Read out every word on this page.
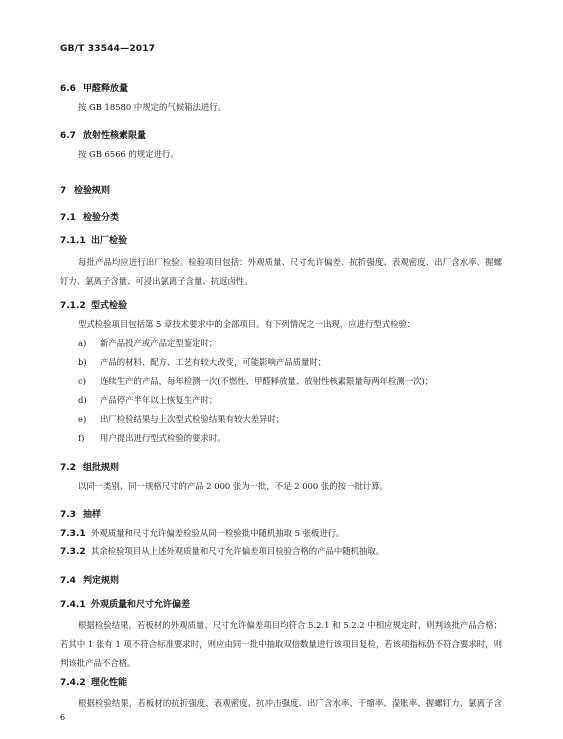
GB/T 33544—2017
6.6 甲醛释放量
按 GB 18580 中规定的气候箱法进行。
6.7 放射性核素限量
按 GB 6566 的规定进行。
7 检验规则
7.1 检验分类
7.1.1 出厂检验
每批产品均应进行出厂检验。检验项目包括：外观质量、尺寸允许偏差、抗折强度、表观密度、出厂含水率、握螺钉力、氯离子含量、可浸出氯离子含量、抗返卤性。
7.1.2 型式检验
型式检验项目包括第 5 章技术要求中的全部项目。有下列情况之一出现，应进行型式检验：
a) 新产品投产或产品定型鉴定时；
b) 产品的材料、配方、工艺有较大改变，可能影响产品质量时；
c) 连续生产的产品，每年检测一次(不燃性、甲醛释放量、放射性核素限量每两年检测一次)；
d) 产品停产半年以上恢复生产时；
e) 出厂检验结果与上次型式检验结果有较大差异时；
f) 用户提出进行型式检验的要求时。
7.2 组批规则
以同一类别、同一规格尺寸的产品 2 000 张为一批，不足 2 000 张的按一批计算。
7.3 抽样
7.3.1 外观质量和尺寸允许偏差检验从同一检验批中随机抽取 5 张板进行。
7.3.2 其余检验项目从上述外观质量和尺寸允许偏差项目检验合格的产品中随机抽取。
7.4 判定规则
7.4.1 外观质量和尺寸允许偏差
根据检验结果，若板材的外观质量、尺寸允许偏差项目均符合 5.2.1 和 5.2.2 中相应规定时，则判该批产品合格；若其中 1 张有 1 项不符合标准要求时，则应由同一批中抽取双倍数量进行该项目复检，若该项指标仍不符合要求时，则判该批产品不合格。
7.4.2 理化性能
根据检验结果，若板材的抗折强度、表观密度、抗冲击强度、出厂含水率、干缩率、湿胀率、握螺钉力、氯离子含
6
